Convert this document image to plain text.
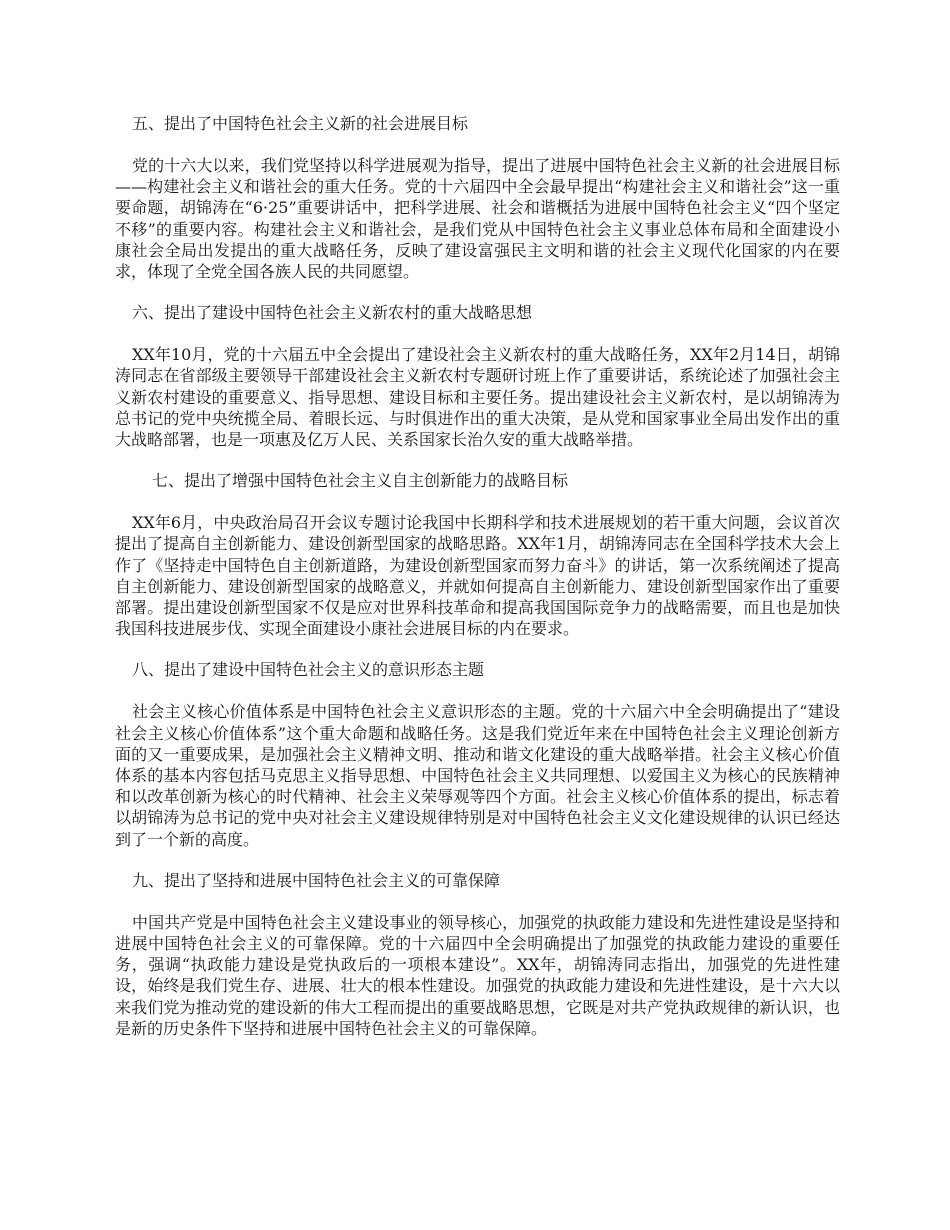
五、提出了中国特色社会主义新的社会进展目标
党的十六大以来，我们党坚持以科学进展观为指导，提出了进展中国特色社会主义新的社会进展目标——构建社会主义和谐社会的重大任务。党的十六届四中全会最早提出“构建社会主义和谐社会”这一重要命题，胡锦涛在“6·25”重要讲话中，把科学进展、社会和谐概括为进展中国特色社会主义“四个坚定不移”的重要内容。构建社会主义和谐社会，是我们党从中国特色社会主义事业总体布局和全面建设小康社会全局出发提出的重大战略任务，反映了建设富强民主文明和谐的社会主义现代化国家的内在要求，体现了全党全国各族人民的共同愿望。
六、提出了建设中国特色社会主义新农村的重大战略思想
XX年10月，党的十六届五中全会提出了建设社会主义新农村的重大战略任务，XX年2月14日，胡锦涛同志在省部级主要领导干部建设社会主义新农村专题研讨班上作了重要讲话，系统论述了加强社会主义新农村建设的重要意义、指导思想、建设目标和主要任务。提出建设社会主义新农村，是以胡锦涛为总书记的党中央统揽全局、着眼长远、与时俱进作出的重大决策，是从党和国家事业全局出发作出的重大战略部署，也是一项惠及亿万人民、关系国家长治久安的重大战略举措。
七、提出了增强中国特色社会主义自主创新能力的战略目标
XX年6月，中央政治局召开会议专题讨论我国中长期科学和技术进展规划的若干重大问题，会议首次提出了提高自主创新能力、建设创新型国家的战略思路。XX年1月，胡锦涛同志在全国科学技术大会上作了《坚持走中国特色自主创新道路，为建设创新型国家而努力奋斗》的讲话，第一次系统阐述了提高自主创新能力、建设创新型国家的战略意义，并就如何提高自主创新能力、建设创新型国家作出了重要部署。提出建设创新型国家不仅是应对世界科技革命和提高我国国际竞争力的战略需要，而且也是加快我国科技进展步伐、实现全面建设小康社会进展目标的内在要求。
八、提出了建设中国特色社会主义的意识形态主题
社会主义核心价值体系是中国特色社会主义意识形态的主题。党的十六届六中全会明确提出了“建设社会主义核心价值体系”这个重大命题和战略任务。这是我们党近年来在中国特色社会主义理论创新方面的又一重要成果，是加强社会主义精神文明、推动和谐文化建设的重大战略举措。社会主义核心价值体系的基本内容包括马克思主义指导思想、中国特色社会主义共同理想、以爱国主义为核心的民族精神和以改革创新为核心的时代精神、社会主义荣辱观等四个方面。社会主义核心价值体系的提出，标志着以胡锦涛为总书记的党中央对社会主义建设规律特别是对中国特色社会主义文化建设规律的认识已经达到了一个新的高度。
九、提出了坚持和进展中国特色社会主义的可靠保障
中国共产党是中国特色社会主义建设事业的领导核心，加强党的执政能力建设和先进性建设是坚持和进展中国特色社会主义的可靠保障。党的十六届四中全会明确提出了加强党的执政能力建设的重要任务，强调“执政能力建设是党执政后的一项根本建设”。XX年，胡锦涛同志指出，加强党的先进性建设，始终是我们党生存、进展、壮大的根本性建设。加强党的执政能力建设和先进性建设，是十六大以来我们党为推动党的建设新的伟大工程而提出的重要战略思想，它既是对共产党执政规律的新认识，也是新的历史条件下坚持和进展中国特色社会主义的可靠保障。
